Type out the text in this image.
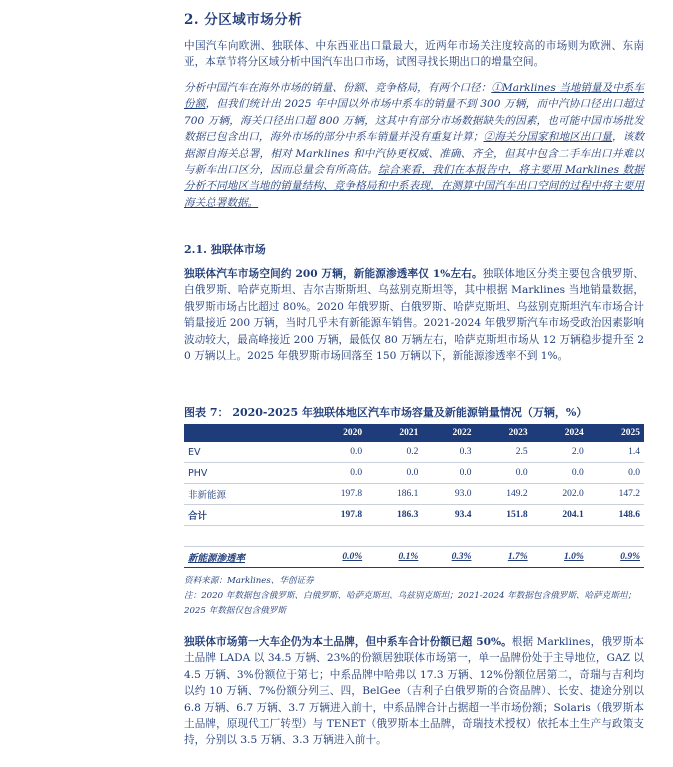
2. 分区域市场分析
中国汽车向欧洲、独联体、中东西亚出口量最大，近两年市场关注度较高的市场则为欧洲、东南亚，本章节将分区域分析中国汽车出口市场，试图寻找长期出口的增量空间。
分析中国汽车在海外市场的销量、份额、竞争格局，有两个口径：①Marklines 当地销量及中系车份额，但我们统计出 2025 年中国以外市场中系车的销量不到 300 万辆，而中汽协口径出口超过 700 万辆，海关口径出口超 800 万辆，这其中有部分市场数据缺失的因素，也可能中国市场批发数据已包含出口，海外市场的部分中系车销量并没有重复计算；②海关分国家和地区出口量，该数据源自海关总署，相对 Marklines 和中汽协更权威、准确、齐全，但其中包含二手车出口并难以与新车出口区分，因而总量会有所高估。综合来看，我们在本报告中，将主要用 Marklines 数据分析不同地区当地的销量结构、竞争格局和中系表现，在测算中国汽车出口空间的过程中将主要用海关总署数据。
2.1. 独联体市场
独联体汽车市场空间约 200 万辆，新能源渗透率仅 1%左右。独联体地区分类主要包含俄罗斯、白俄罗斯、哈萨克斯坦、吉尔吉斯斯坦、乌兹别克斯坦等，其中根据 Marklines 当地销量数据，俄罗斯市场占比超过 80%。2020 年俄罗斯、白俄罗斯、哈萨克斯坦、乌兹别克斯坦汽车市场合计销量接近 200 万辆，当时几乎未有新能源车销售。2021-2024 年俄罗斯汽车市场受政治因素影响波动较大，最高峰接近 200 万辆，最低仅 80 万辆左右，哈萨克斯坦市场从 12 万辆稳步提升至 20 万辆以上。2025 年俄罗斯市场回落至 150 万辆以下，新能源渗透率不到 1%。
图表 7： 2020-2025 年独联体地区汽车市场容量及新能源销量情况（万辆，%）
	2020	2021	2022	2023	2024	2025
EV	0.0	0.2	0.3	2.5	2.0	1.4
PHV	0.0	0.0	0.0	0.0	0.0	0.0
非新能源	197.8	186.1	93.0	149.2	202.0	147.2
合计	197.8	186.3	93.4	151.8	204.1	148.6

新能源渗透率	0.0%	0.1%	0.3%	1.7%	1.0%	0.9%
资料来源：Marklines、华创证券
注：2020 年数据包含俄罗斯、白俄罗斯、哈萨克斯坦、乌兹别克斯坦；2021-2024 年数据包含俄罗斯、哈萨克斯坦；2025 年数据仅包含俄罗斯
独联体市场第一大车企仍为本土品牌，但中系车合计份额已超 50%。根据 Marklines，俄罗斯本土品牌 LADA 以 34.5 万辆、23%的份额居独联体市场第一，单一品牌份处于主导地位，GAZ 以 4.5 万辆、3%份额位于第七；中系品牌中哈弗以 17.3 万辆、12%份额位居第二，奇瑞与吉利均以约 10 万辆、7%份额分列三、四，BelGee（吉利子白俄罗斯的合资品牌）、长安、捷途分别以 6.8 万辆、6.7 万辆、3.7 万辆进入前十，中系品牌合计占据超一半市场份额；Solaris（俄罗斯本土品牌，原现代工厂转型）与 TENET（俄罗斯本土品牌，奇瑞技术授权）依托本土生产与政策支持，分别以 3.5 万辆、3.3 万辆进入前十。
